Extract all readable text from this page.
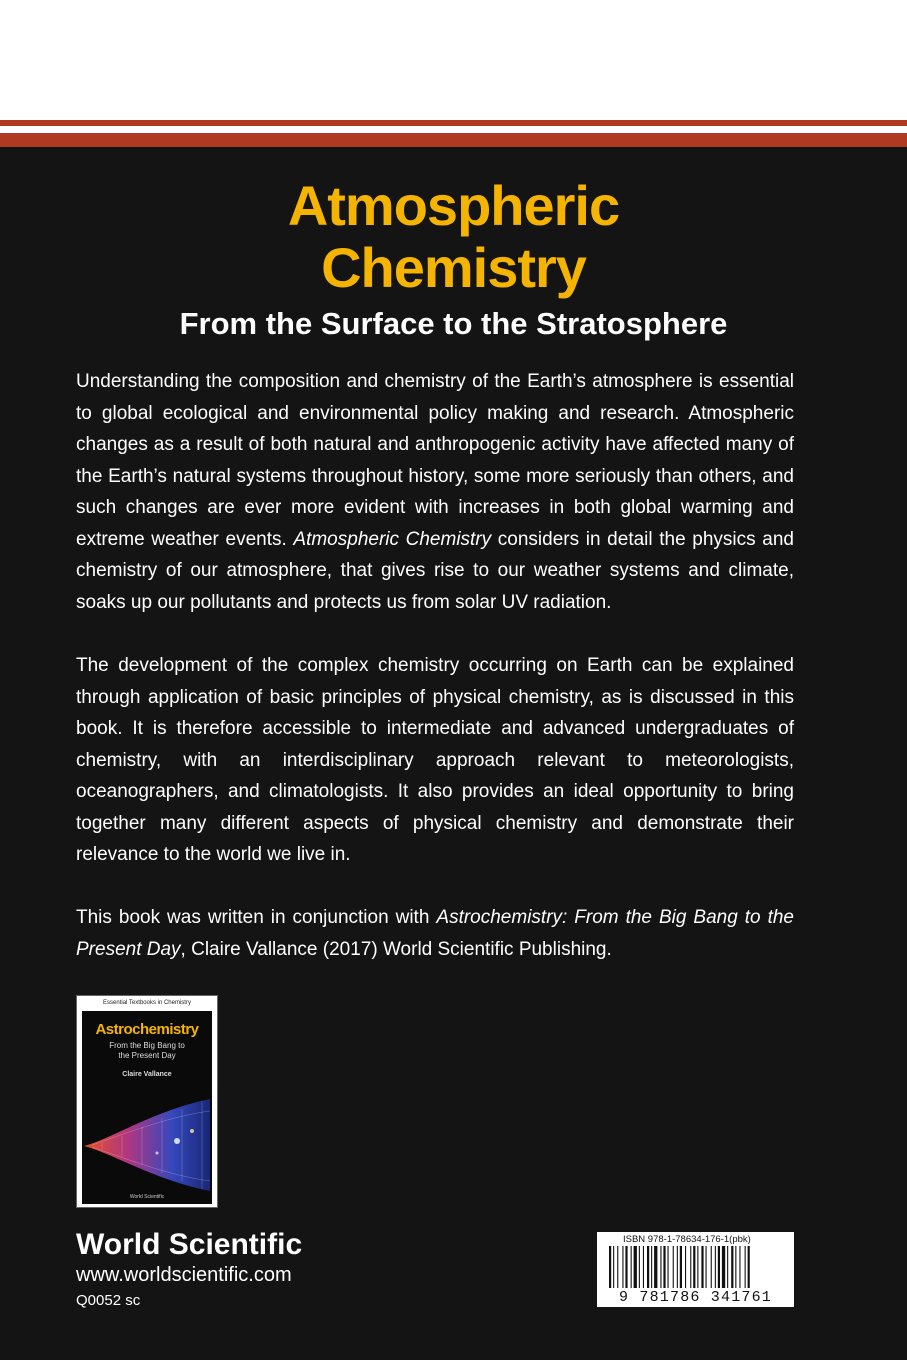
Atmospheric
Chemistry
From the Surface to the Stratosphere

Understanding the composition and chemistry of the Earth’s atmosphere is essential to global ecological and environmental policy making and research. Atmospheric changes as a result of both natural and anthropogenic activity have affected many of the Earth’s natural systems throughout history, some more seriously than others, and such changes are ever more evident with increases in both global warming and extreme weather events. Atmospheric Chemistry considers in detail the physics and chemistry of our atmosphere, that gives rise to our weather systems and climate, soaks up our pollutants and protects us from solar UV radiation.

The development of the complex chemistry occurring on Earth can be explained through application of basic principles of physical chemistry, as is discussed in this book. It is therefore accessible to intermediate and advanced undergraduates of chemistry, with an interdisciplinary approach relevant to meteorologists, oceanographers, and climatologists. It also provides an ideal opportunity to bring together many different aspects of physical chemistry and demonstrate their relevance to the world we live in.

This book was written in conjunction with Astrochemistry: From the Big Bang to the Present Day, Claire Vallance (2017) World Scientific Publishing.

Essential Textbooks in Chemistry
Astrochemistry
From the Big Bang to
the Present Day
Claire Vallance
World Scientific
World Scientific
www.worldscientific.com
Q0052 sc
ISBN 978-1-78634-176-1(pbk)
9 781786 341761
